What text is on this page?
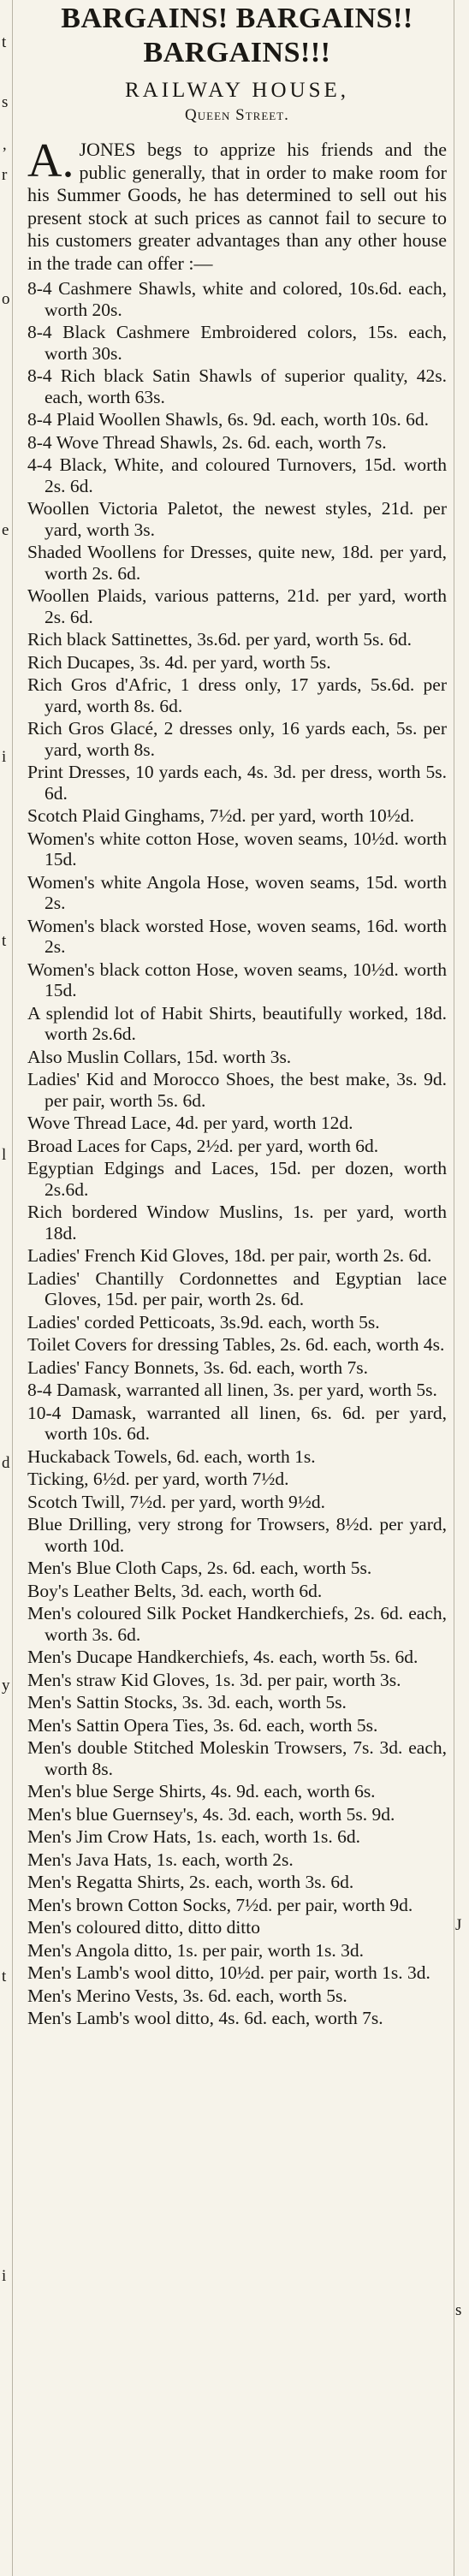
BARGAINS! BARGAINS!!
BARGAINS!!!
RAILWAY HOUSE,
Queen Street.

A. JONES begs to apprize his friends and the public generally, that in order to make room for his Summer Goods, he has determined to sell out his present stock at such prices as cannot fail to secure to his customers greater advantages than any other house in the trade can offer :—

8-4 Cashmere Shawls, white and colored, 10s.6d. each, worth 20s.
8-4 Black Cashmere Embroidered colors, 15s. each, worth 30s.
8-4 Rich black Satin Shawls of superior quality, 42s. each, worth 63s.
8-4 Plaid Woollen Shawls, 6s. 9d. each, worth 10s. 6d.
8-4 Wove Thread Shawls, 2s. 6d. each, worth 7s.
4-4 Black, White, and coloured Turnovers, 15d. worth 2s. 6d.
Woollen Victoria Paletot, the newest styles, 21d. per yard, worth 3s.
Shaded Woollens for Dresses, quite new, 18d. per yard, worth 2s. 6d.
Woollen Plaids, various patterns, 21d. per yard, worth 2s. 6d.
Rich black Sattinettes, 3s.6d. per yard, worth 5s. 6d.
Rich Ducapes, 3s. 4d. per yard, worth 5s.
Rich Gros d'Afric, 1 dress only, 17 yards, 5s.6d. per yard, worth 8s. 6d.
Rich Gros Glacé, 2 dresses only, 16 yards each, 5s. per yard, worth 8s.
Print Dresses, 10 yards each, 4s. 3d. per dress, worth 5s. 6d.
Scotch Plaid Ginghams, 7½d. per yard, worth 10½d.
Women's white cotton Hose, woven seams, 10½d. worth 15d.
Women's white Angola Hose, woven seams, 15d. worth 2s.
Women's black worsted Hose, woven seams, 16d. worth 2s.
Women's black cotton Hose, woven seams, 10½d. worth 15d.
A splendid lot of Habit Shirts, beautifully worked, 18d. worth 2s.6d.
Also Muslin Collars, 15d. worth 3s.
Ladies' Kid and Morocco Shoes, the best make, 3s. 9d. per pair, worth 5s. 6d.
Wove Thread Lace, 4d. per yard, worth 12d.
Broad Laces for Caps, 2½d. per yard, worth 6d.
Egyptian Edgings and Laces, 15d. per dozen, worth 2s.6d.
Rich bordered Window Muslins, 1s. per yard, worth 18d.
Ladies' French Kid Gloves, 18d. per pair, worth 2s. 6d.
Ladies' Chantilly Cordonnettes and Egyptian lace Gloves, 15d. per pair, worth 2s. 6d.
Ladies' corded Petticoats, 3s.9d. each, worth 5s.
Toilet Covers for dressing Tables, 2s. 6d. each, worth 4s.
Ladies' Fancy Bonnets, 3s. 6d. each, worth 7s.
8-4 Damask, warranted all linen, 3s. per yard, worth 5s.
10-4 Damask, warranted all linen, 6s. 6d. per yard, worth 10s. 6d.
Huckaback Towels, 6d. each, worth 1s.
Ticking, 6½d. per yard, worth 7½d.
Scotch Twill, 7½d. per yard, worth 9½d.
Blue Drilling, very strong for Trowsers, 8½d. per yard, worth 10d.
Men's Blue Cloth Caps, 2s. 6d. each, worth 5s.
Boy's Leather Belts, 3d. each, worth 6d.
Men's coloured Silk Pocket Handkerchiefs, 2s. 6d. each, worth 3s. 6d.
Men's Ducape Handkerchiefs, 4s. each, worth 5s. 6d.
Men's straw Kid Gloves, 1s. 3d. per pair, worth 3s.
Men's Sattin Stocks, 3s. 3d. each, worth 5s.
Men's Sattin Opera Ties, 3s. 6d. each, worth 5s.
Men's double Stitched Moleskin Trowsers, 7s. 3d. each, worth 8s.
Men's blue Serge Shirts, 4s. 9d. each, worth 6s.
Men's blue Guernsey's, 4s. 3d. each, worth 5s. 9d.
Men's Jim Crow Hats, 1s. each, worth 1s. 6d.
Men's Java Hats, 1s. each, worth 2s.
Men's Regatta Shirts, 2s. each, worth 3s. 6d.
Men's brown Cotton Socks, 7½d. per pair, worth 9d.
Men's coloured ditto, ditto ditto
Men's Angola ditto, 1s. per pair, worth 1s. 3d.
Men's Lamb's wool ditto, 10½d. per pair, worth 1s. 3d.
Men's Merino Vests, 3s. 6d. each, worth 5s.
Men's Lamb's wool ditto, 4s. 6d. each, worth 7s.
t
s
’
r
o
e
i
t
l
d
y
t
i
J
s
